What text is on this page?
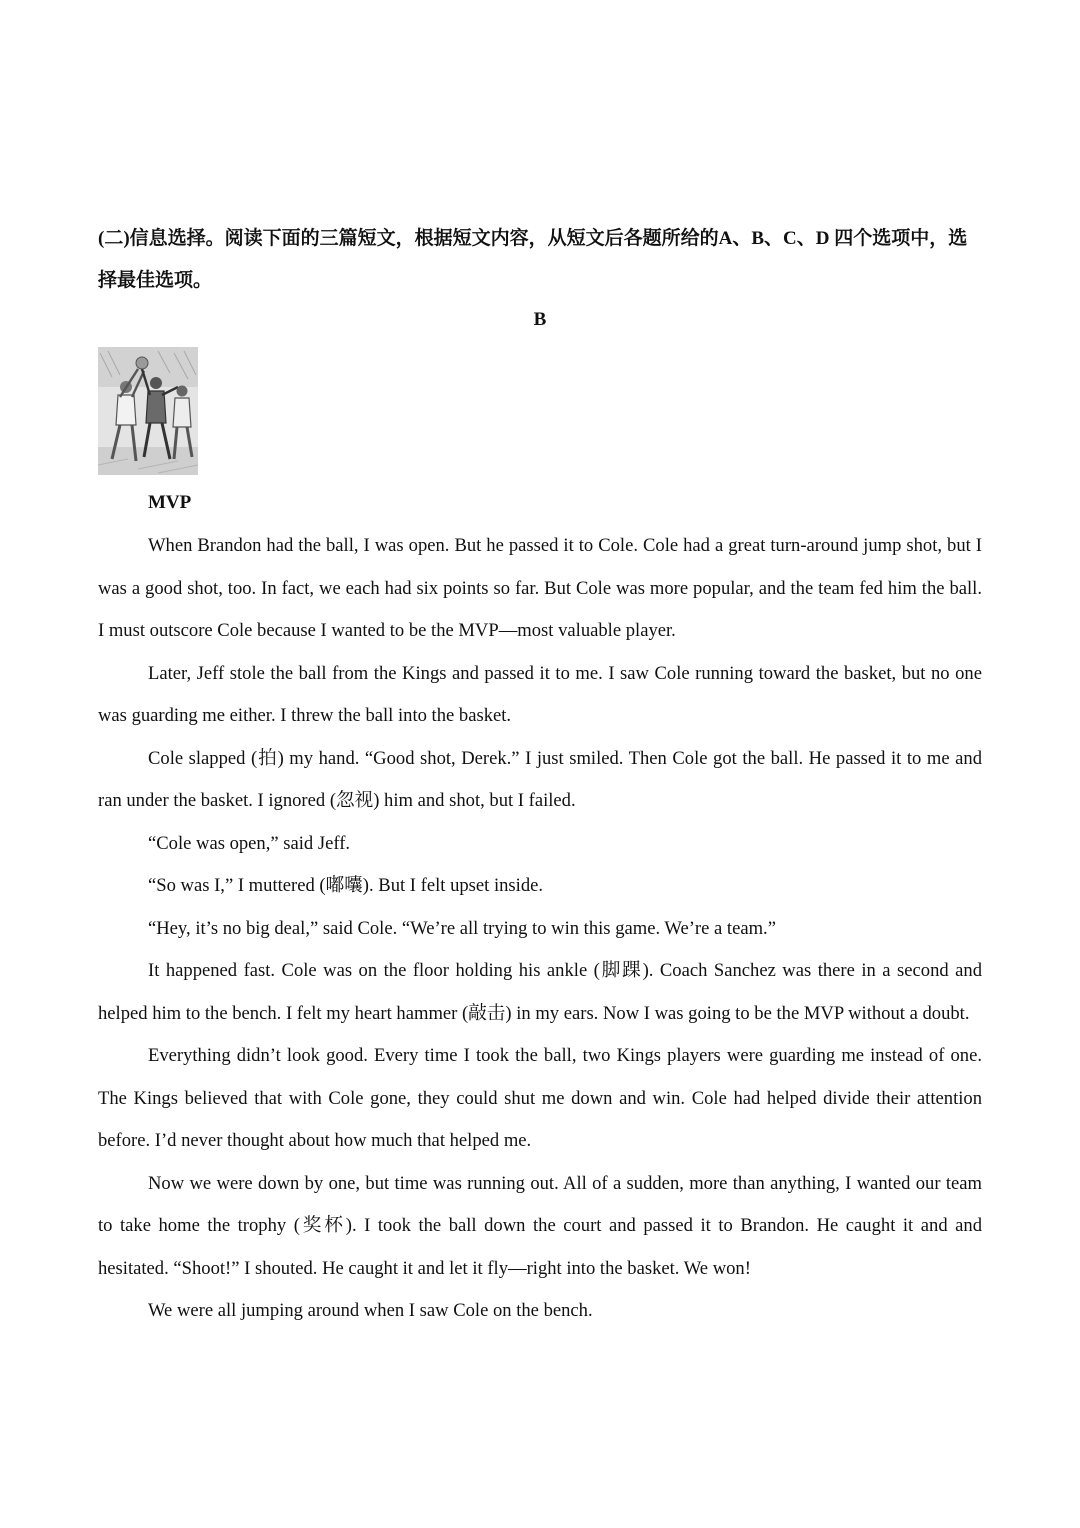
(二)信息选择。阅读下面的三篇短文，根据短文内容，从短文后各题所给的A、B、C、D 四个选项中，选择最佳选项。

B

MVP

When Brandon had the ball, I was open. But he passed it to Cole. Cole had a great turn-around jump shot, but I was a good shot, too. In fact, we each had six points so far. But Cole was more popular, and the team fed him the ball. I must outscore Cole because I wanted to be the MVP—most valuable player.

Later, Jeff stole the ball from the Kings and passed it to me. I saw Cole running toward the basket, but no one was guarding me either. I threw the ball into the basket.

Cole slapped (拍) my hand. “Good shot, Derek.” I just smiled. Then Cole got the ball. He passed it to me and ran under the basket. I ignored (忽视) him and shot, but I failed.

“Cole was open,” said Jeff.

“So was I,” I muttered (嘟囔). But I felt upset inside.

“Hey, it’s no big deal,” said Cole. “We’re all trying to win this game. We’re a team.”

It happened fast. Cole was on the floor holding his ankle (脚踝). Coach Sanchez was there in a second and helped him to the bench. I felt my heart hammer (敲击) in my ears. Now I was going to be the MVP without a doubt.

Everything didn’t look good. Every time I took the ball, two Kings players were guarding me instead of one. The Kings believed that with Cole gone, they could shut me down and win. Cole had helped divide their attention before. I’d never thought about how much that helped me.

Now we were down by one, but time was running out. All of a sudden, more than anything, I wanted our team to take home the trophy (奖杯). I took the ball down the court and passed it to Brandon. He caught it and and hesitated. “Shoot!” I shouted. He caught it and let it fly—right into the basket. We won!

We were all jumping around when I saw Cole on the bench.
